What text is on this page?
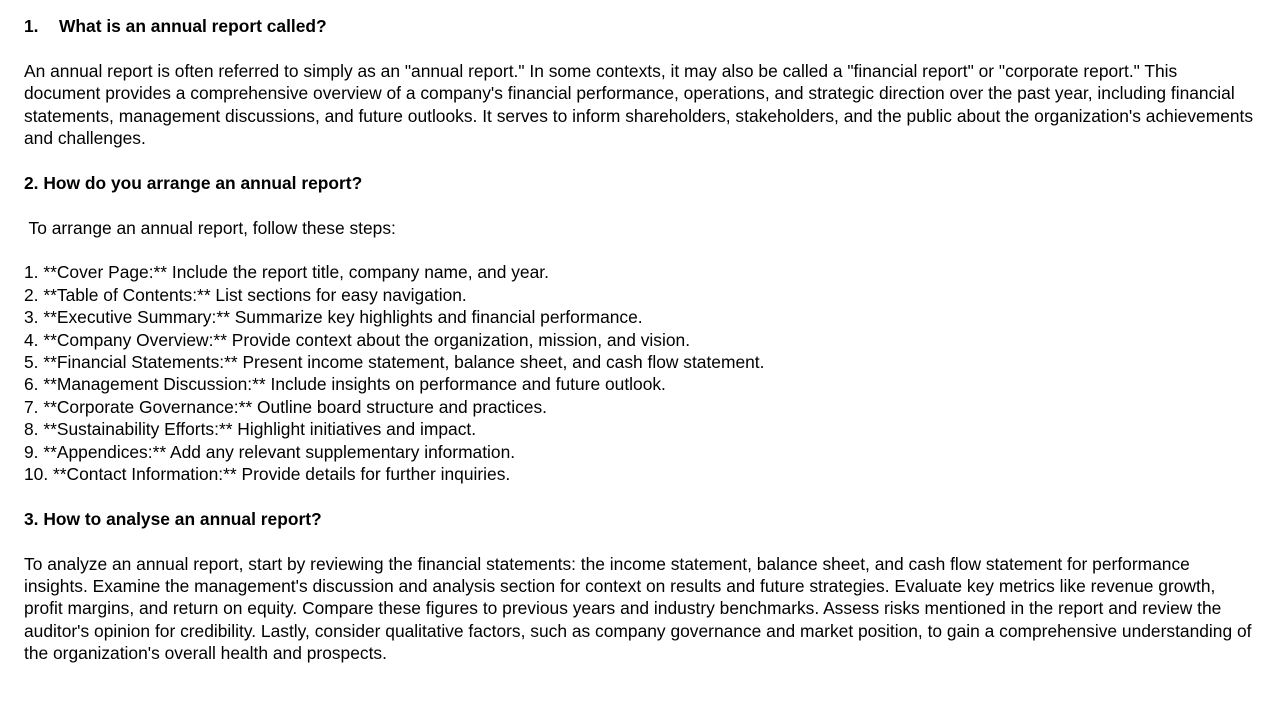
1. What is an annual report called?

An annual report is often referred to simply as an "annual report." In some contexts, it may also be called a "financial report" or "corporate report." This document provides a comprehensive overview of a company's financial performance, operations, and strategic direction over the past year, including financial statements, management discussions, and future outlooks. It serves to inform shareholders, stakeholders, and the public about the organization's achievements and challenges.

2. How do you arrange an annual report?

To arrange an annual report, follow these steps:

1. **Cover Page:** Include the report title, company name, and year.
2. **Table of Contents:** List sections for easy navigation.
3. **Executive Summary:** Summarize key highlights and financial performance.
4. **Company Overview:** Provide context about the organization, mission, and vision.
5. **Financial Statements:** Present income statement, balance sheet, and cash flow statement.
6. **Management Discussion:** Include insights on performance and future outlook.
7. **Corporate Governance:** Outline board structure and practices.
8. **Sustainability Efforts:** Highlight initiatives and impact.
9. **Appendices:** Add any relevant supplementary information.
10. **Contact Information:** Provide details for further inquiries.
3. How to analyse an annual report?

To analyze an annual report, start by reviewing the financial statements: the income statement, balance sheet, and cash flow statement for performance insights. Examine the management's discussion and analysis section for context on results and future strategies. Evaluate key metrics like revenue growth, profit margins, and return on equity. Compare these figures to previous years and industry benchmarks. Assess risks mentioned in the report and review the auditor's opinion for credibility. Lastly, consider qualitative factors, such as company governance and market position, to gain a comprehensive understanding of the organization's overall health and prospects.
